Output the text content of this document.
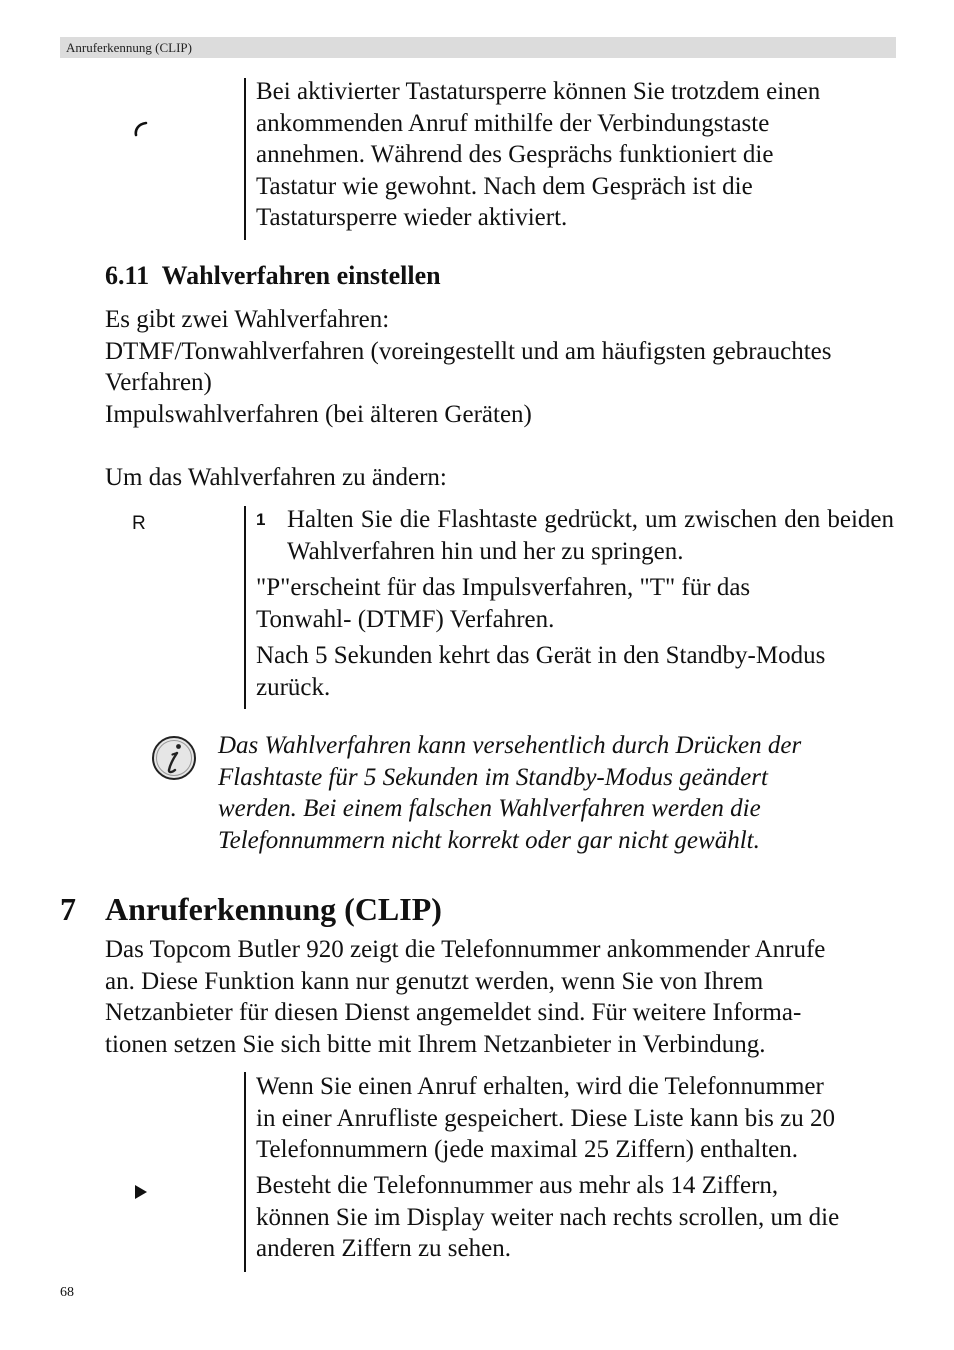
Anruferkennung (CLIP)
Bei aktivierter Tastatursperre können Sie trotzdem einen
ankommenden Anruf mithilfe der Verbindungstaste
annehmen. Während des Gesprächs funktioniert die
Tastatur wie gewohnt. Nach dem Gespräch ist die
Tastatursperre wieder aktiviert.
6.11  Wahlverfahren einstellen
Es gibt zwei Wahlverfahren:
DTMF/Tonwahlverfahren (voreingestellt und am häufigsten gebrauchtes
Verfahren)
Impulswahlverfahren (bei älteren Geräten)
Um das Wahlverfahren zu ändern:
R	1 Halten Sie die Flashtaste gedrückt, um zwischen den beiden Wahlverfahren hin und her zu springen.
"P"erscheint für das Impulsverfahren, "T" für das
Tonwahl- (DTMF) Verfahren.
Nach 5 Sekunden kehrt das Gerät in den Standby-Modus
zurück.
Das Wahlverfahren kann versehentlich durch Drücken der
Flashtaste für 5 Sekunden im Standby-Modus geändert
werden. Bei einem falschen Wahlverfahren werden die
Telefonnummern nicht korrekt oder gar nicht gewählt.
7 Anruferkennung (CLIP)
Das Topcom Butler 920 zeigt die Telefonnummer ankommender Anrufe
an. Diese Funktion kann nur genutzt werden, wenn Sie von Ihrem
Netzanbieter für diesen Dienst angemeldet sind. Für weitere Informa-
tionen setzen Sie sich bitte mit Ihrem Netzanbieter in Verbindung.
Wenn Sie einen Anruf erhalten, wird die Telefonnummer
in einer Anrufliste gespeichert. Diese Liste kann bis zu 20
Telefonnummern (jede maximal 25 Ziffern) enthalten.
Besteht die Telefonnummer aus mehr als 14 Ziffern,
können Sie im Display weiter nach rechts scrollen, um die
anderen Ziffern zu sehen.
68
